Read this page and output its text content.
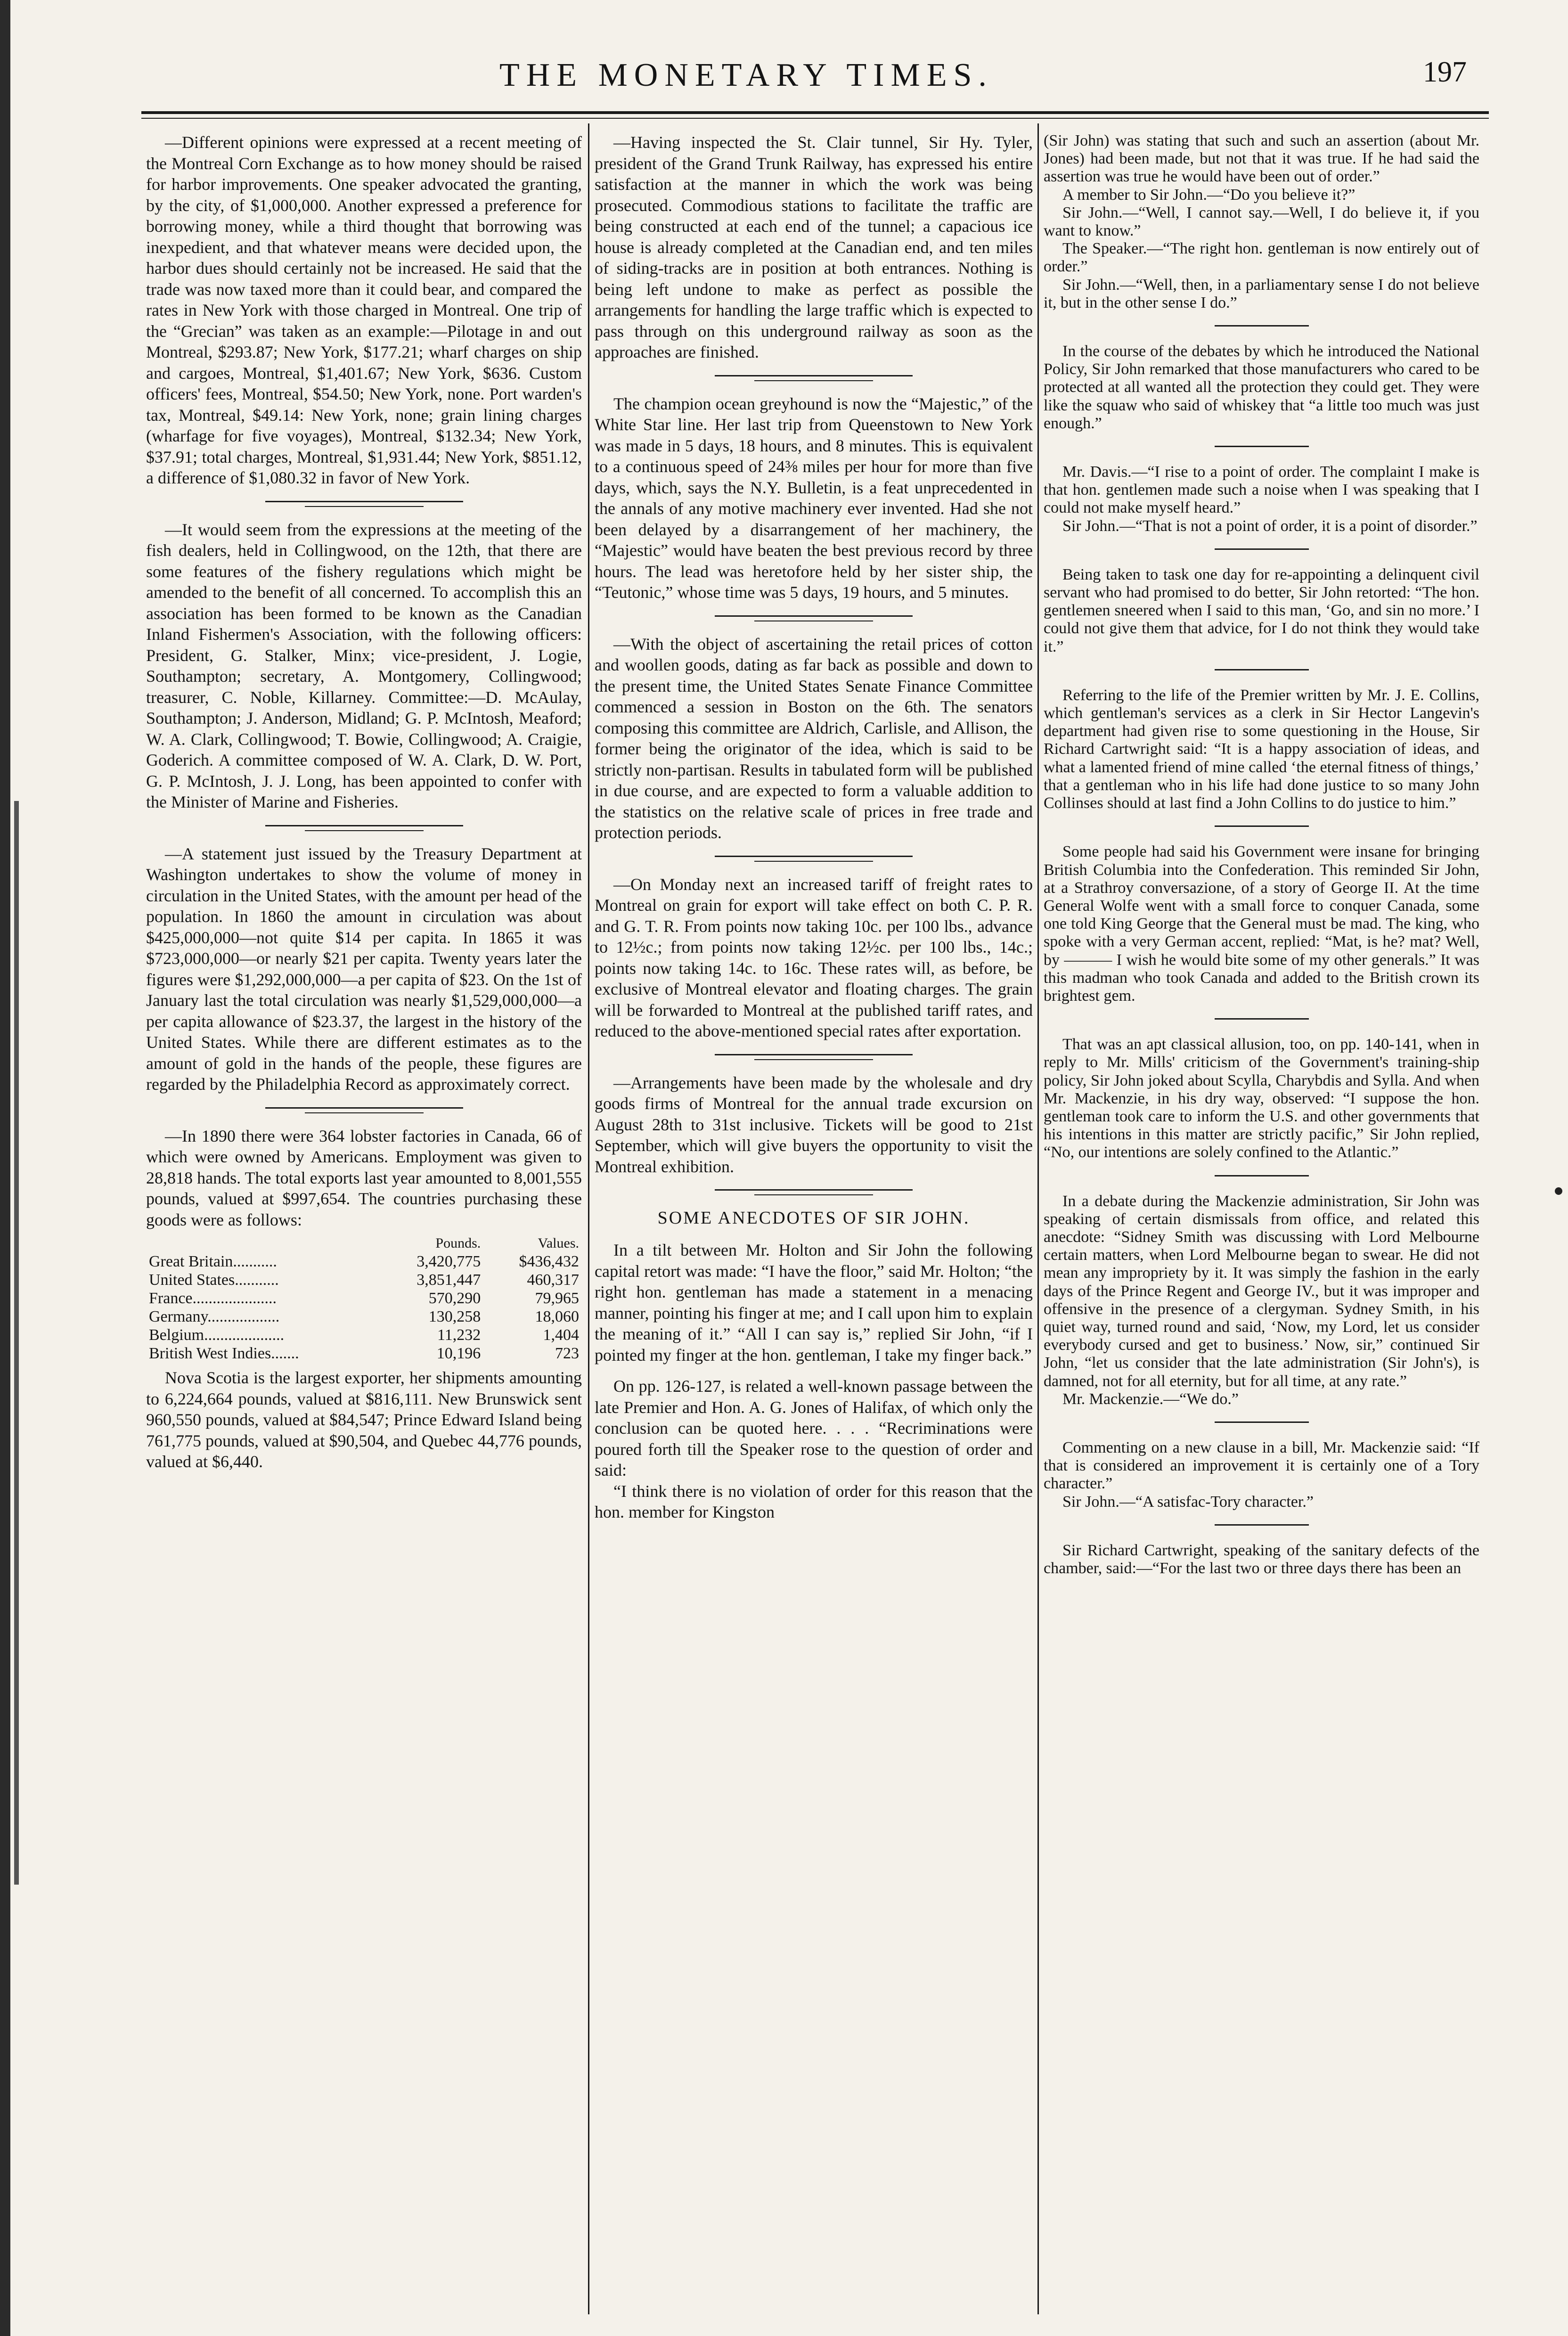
THE MONETARY TIMES.	197

—Different opinions were expressed at a recent meeting of the Montreal Corn Exchange as to how money should be raised for harbor improvements. One speaker advocated the granting, by the city, of $1,000,000. Another expressed a preference for borrowing money, while a third thought that borrowing was inexpedient, and that whatever means were decided upon, the harbor dues should certainly not be increased. He said that the trade was now taxed more than it could bear, and compared the rates in New York with those charged in Montreal. One trip of the “Grecian” was taken as an example:—Pilotage in and out Montreal, $293.87; New York, $177.21; wharf charges on ship and cargoes, Montreal, $1,401.67; New York, $636. Custom officers' fees, Montreal, $54.50; New York, none. Port warden's tax, Montreal, $49.14: New York, none; grain lining charges (wharfage for five voyages), Montreal, $132.34; New York, $37.91; total charges, Montreal, $1,931.44; New York, $851.12, a difference of $1,080.32 in favor of New York.

—It would seem from the expressions at the meeting of the fish dealers, held in Collingwood, on the 12th, that there are some features of the fishery regulations which might be amended to the benefit of all concerned. To accomplish this an association has been formed to be known as the Canadian Inland Fishermen's Association, with the following officers: President, G. Stalker, Minx; vice-president, J. Logie, Southampton; secretary, A. Montgomery, Collingwood; treasurer, C. Noble, Killarney. Committee:—D. McAulay, Southampton; J. Anderson, Midland; G. P. McIntosh, Meaford; W. A. Clark, Collingwood; T. Bowie, Collingwood; A. Craigie, Goderich. A committee composed of W. A. Clark, D. W. Port, G. P. McIntosh, J. J. Long, has been appointed to confer with the Minister of Marine and Fisheries.

—A statement just issued by the Treasury Department at Washington undertakes to show the volume of money in circulation in the United States, with the amount per head of the population. In 1860 the amount in circulation was about $425,000,000—not quite $14 per capita. In 1865 it was $723,000,000—or nearly $21 per capita. Twenty years later the figures were $1,292,000,000—a per capita of $23. On the 1st of January last the total circulation was nearly $1,529,000,000—a per capita allowance of $23.37, the largest in the history of the United States. While there are different estimates as to the amount of gold in the hands of the people, these figures are regarded by the Philadelphia Record as approximately correct.

—In 1890 there were 364 lobster factories in Canada, 66 of which were owned by Americans. Employment was given to 28,818 hands. The total exports last year amounted to 8,001,555 pounds, valued at $997,654. The countries purchasing these goods were as follows:

	Pounds.	Values.
Great Britain...........	3,420,775	$436,432
United States...........	3,851,447	460,317
France.....................	570,290	79,965
Germany..................	130,258	18,060
Belgium....................	11,232	1,404
British West Indies.......	10,196	723

Nova Scotia is the largest exporter, her shipments amounting to 6,224,664 pounds, valued at $816,111. New Brunswick sent 960,550 pounds, valued at $84,547; Prince Edward Island being 761,775 pounds, valued at $90,504, and Quebec 44,776 pounds, valued at $6,440.

—Having inspected the St. Clair tunnel, Sir Hy. Tyler, president of the Grand Trunk Railway, has expressed his entire satisfaction at the manner in which the work was being prosecuted. Commodious stations to facilitate the traffic are being constructed at each end of the tunnel; a capacious ice house is already completed at the Canadian end, and ten miles of siding-tracks are in position at both entrances. Nothing is being left undone to make as perfect as possible the arrangements for handling the large traffic which is expected to pass through on this underground railway as soon as the approaches are finished.

The champion ocean greyhound is now the “Majestic,” of the White Star line. Her last trip from Queenstown to New York was made in 5 days, 18 hours, and 8 minutes. This is equivalent to a continuous speed of 24⅜ miles per hour for more than five days, which, says the N.Y. Bulletin, is a feat unprecedented in the annals of any motive machinery ever invented. Had she not been delayed by a disarrangement of her machinery, the “Majestic” would have beaten the best previous record by three hours. The lead was heretofore held by her sister ship, the “Teutonic,” whose time was 5 days, 19 hours, and 5 minutes.

—With the object of ascertaining the retail prices of cotton and woollen goods, dating as far back as possible and down to the present time, the United States Senate Finance Committee commenced a session in Boston on the 6th. The senators composing this committee are Aldrich, Carlisle, and Allison, the former being the originator of the idea, which is said to be strictly non-partisan. Results in tabulated form will be published in due course, and are expected to form a valuable addition to the statistics on the relative scale of prices in free trade and protection periods.

—On Monday next an increased tariff of freight rates to Montreal on grain for export will take effect on both C. P. R. and G. T. R. From points now taking 10c. per 100 lbs., advance to 12½c.; from points now taking 12½c. per 100 lbs., 14c.; points now taking 14c. to 16c. These rates will, as before, be exclusive of Montreal elevator and floating charges. The grain will be forwarded to Montreal at the published tariff rates, and reduced to the above-mentioned special rates after exportation.

—Arrangements have been made by the wholesale and dry goods firms of Montreal for the annual trade excursion on August 28th to 31st inclusive. Tickets will be good to 21st September, which will give buyers the opportunity to visit the Montreal exhibition.

SOME ANECDOTES OF SIR JOHN.

In a tilt between Mr. Holton and Sir John the following capital retort was made: “I have the floor,” said Mr. Holton; “the right hon. gentleman has made a statement in a menacing manner, pointing his finger at me; and I call upon him to explain the meaning of it.” “All I can say is,” replied Sir John, “if I pointed my finger at the hon. gentleman, I take my finger back.”

On pp. 126-127, is related a well-known passage between the late Premier and Hon. A. G. Jones of Halifax, of which only the conclusion can be quoted here. . . . “Recriminations were poured forth till the Speaker rose to the question of order and said:

“I think there is no violation of order for this reason that the hon. member for Kingston

(Sir John) was stating that such and such an assertion (about Mr. Jones) had been made, but not that it was true. If he had said the assertion was true he would have been out of order.”

A member to Sir John.—“Do you believe it?”

Sir John.—“Well, I cannot say.—Well, I do believe it, if you want to know.”

The Speaker.—“The right hon. gentleman is now entirely out of order.”

Sir John.—“Well, then, in a parliamentary sense I do not believe it, but in the other sense I do.”

In the course of the debates by which he introduced the National Policy, Sir John remarked that those manufacturers who cared to be protected at all wanted all the protection they could get. They were like the squaw who said of whiskey that “a little too much was just enough.”

Mr. Davis.—“I rise to a point of order. The complaint I make is that hon. gentlemen made such a noise when I was speaking that I could not make myself heard.”

Sir John.—“That is not a point of order, it is a point of disorder.”

Being taken to task one day for re-appointing a delinquent civil servant who had promised to do better, Sir John retorted: “The hon. gentlemen sneered when I said to this man, ‘Go, and sin no more.’ I could not give them that advice, for I do not think they would take it.”

Referring to the life of the Premier written by Mr. J. E. Collins, which gentleman's services as a clerk in Sir Hector Langevin's department had given rise to some questioning in the House, Sir Richard Cartwright said: “It is a happy association of ideas, and what a lamented friend of mine called ‘the eternal fitness of things,’ that a gentleman who in his life had done justice to so many John Collinses should at last find a John Collins to do justice to him.”

Some people had said his Government were insane for bringing British Columbia into the Confederation. This reminded Sir John, at a Strathroy conversazione, of a story of George II. At the time General Wolfe went with a small force to conquer Canada, some one told King George that the General must be mad. The king, who spoke with a very German accent, replied: “Mat, is he? mat? Well, by ——— I wish he would bite some of my other generals.” It was this madman who took Canada and added to the British crown its brightest gem.

That was an apt classical allusion, too, on pp. 140-141, when in reply to Mr. Mills' criticism of the Government's training-ship policy, Sir John joked about Scylla, Charybdis and Sylla. And when Mr. Mackenzie, in his dry way, observed: “I suppose the hon. gentleman took care to inform the U.S. and other governments that his intentions in this matter are strictly pacific,” Sir John replied, “No, our intentions are solely confined to the Atlantic.”

In a debate during the Mackenzie administration, Sir John was speaking of certain dismissals from office, and related this anecdote: “Sidney Smith was discussing with Lord Melbourne certain matters, when Lord Melbourne began to swear. He did not mean any impropriety by it. It was simply the fashion in the early days of the Prince Regent and George IV., but it was improper and offensive in the presence of a clergyman. Sydney Smith, in his quiet way, turned round and said, ‘Now, my Lord, let us consider everybody cursed and get to business.’ Now, sir,” continued Sir John, “let us consider that the late administration (Sir John's), is damned, not for all eternity, but for all time, at any rate.”

Mr. Mackenzie.—“We do.”

Commenting on a new clause in a bill, Mr. Mackenzie said: “If that is considered an improvement it is certainly one of a Tory character.”

Sir John.—“A satisfac-Tory character.”

Sir Richard Cartwright, speaking of the sanitary defects of the chamber, said:—“For the last two or three days there has been an
